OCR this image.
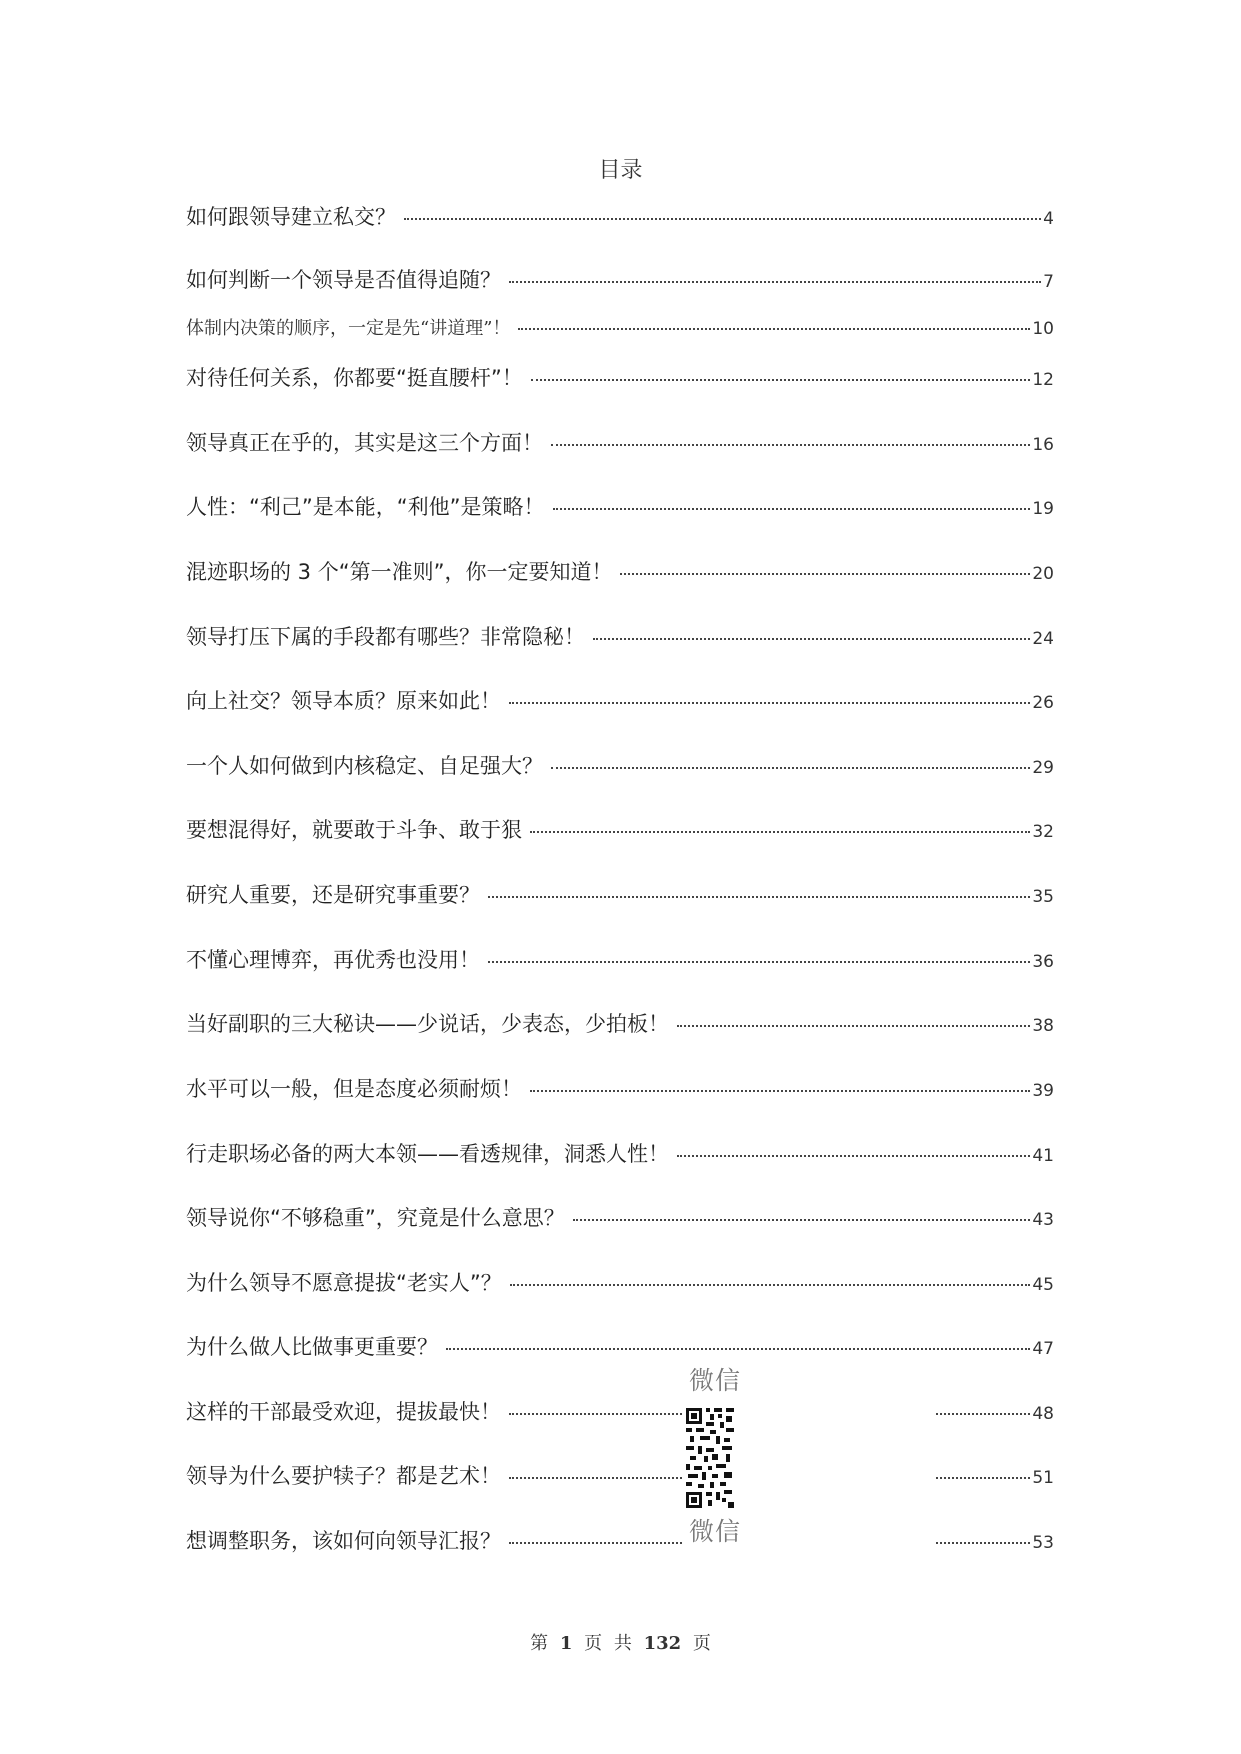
目录
如何跟领导建立私交？	4
如何判断一个领导是否值得追随？	7
体制内决策的顺序，一定是先“讲道理”！	10
对待任何关系，你都要“挺直腰杆”！	12
领导真正在乎的，其实是这三个方面！	16
人性：“利己”是本能，“利他”是策略！	19
混迹职场的 3 个“第一准则”，你一定要知道！	20
领导打压下属的手段都有哪些？非常隐秘！	24
向上社交？领导本质？原来如此！	26
一个人如何做到内核稳定、自足强大？	29
要想混得好，就要敢于斗争、敢于狠	32
研究人重要，还是研究事重要？	35
不懂心理博弈，再优秀也没用！	36
当好副职的三大秘诀——少说话，少表态，少拍板！	38
水平可以一般，但是态度必须耐烦！	39
行走职场必备的两大本领——看透规律，洞悉人性！	41
领导说你“不够稳重”，究竟是什么意思？	43
为什么领导不愿意提拔“老实人”？	45
为什么做人比做事更重要？	47
这样的干部最受欢迎，提拔最快！	48
领导为什么要护犊子？都是艺术！	51
想调整职务，该如何向领导汇报？	53
微信
微信
第 1 页 共 132 页
